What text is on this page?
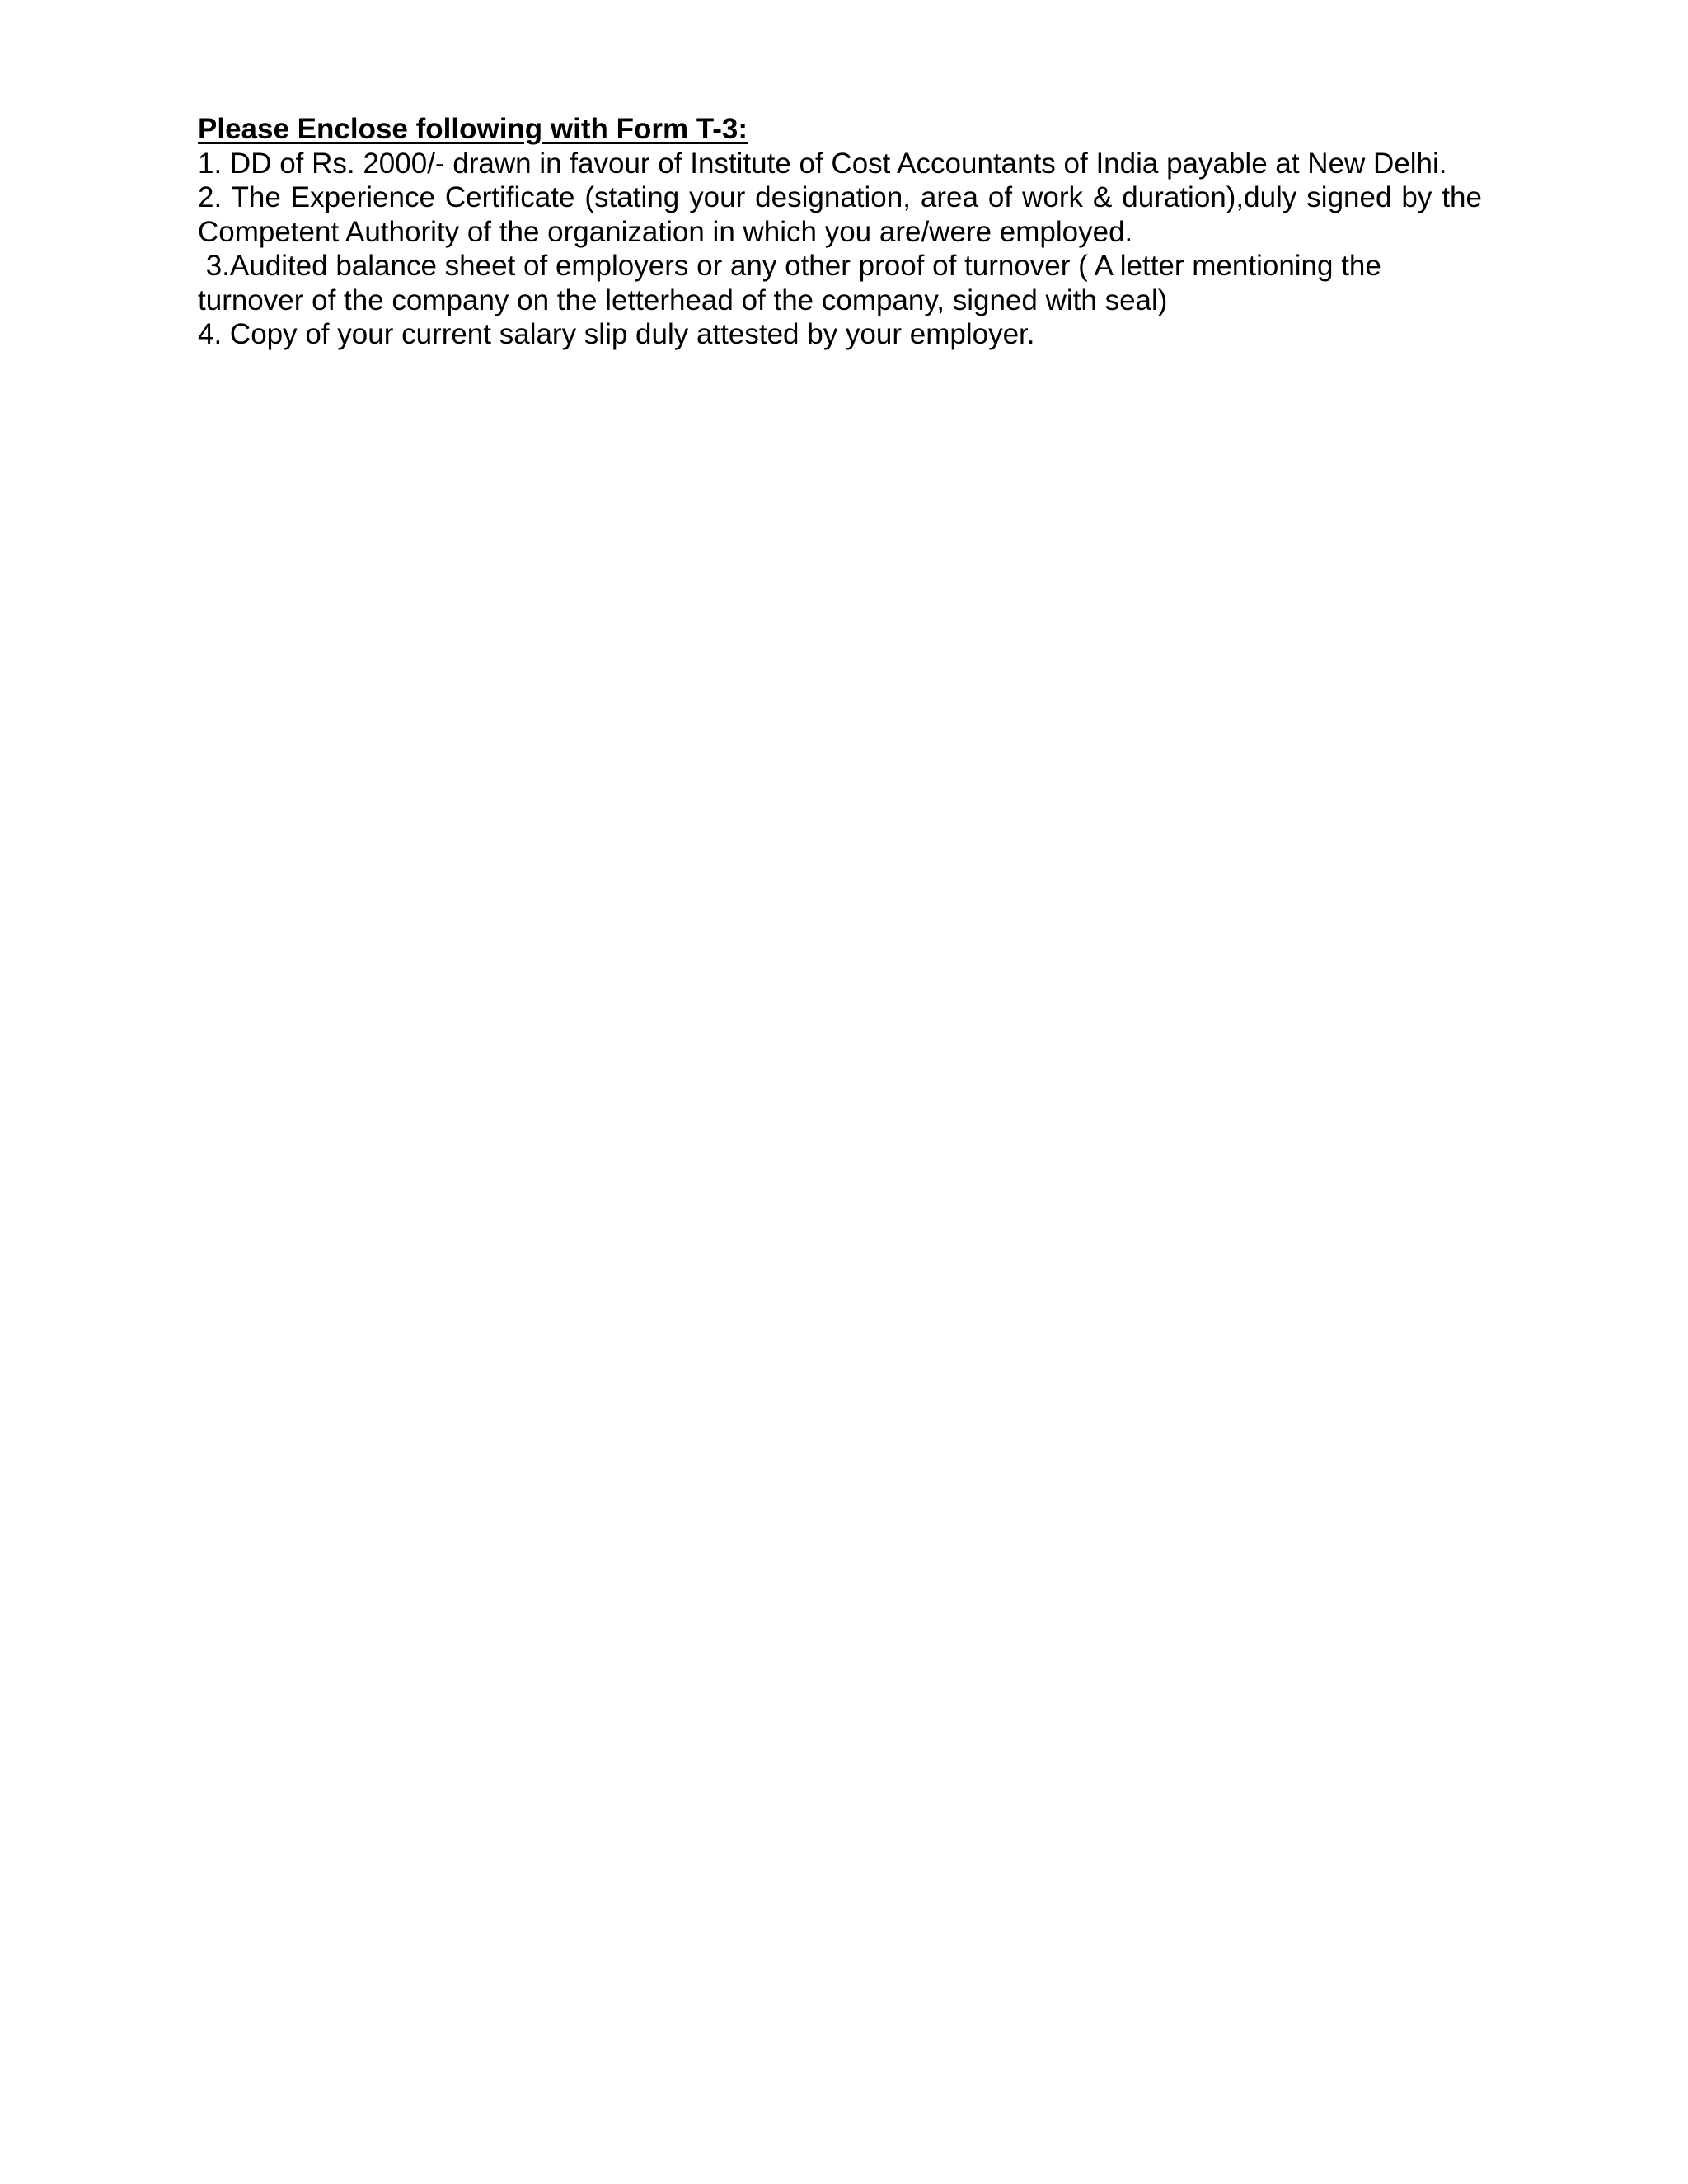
Please Enclose following with Form T-3:

1. DD of Rs. 2000/- drawn in favour of Institute of Cost Accountants of India payable at New Delhi.

2. The Experience Certificate (stating your designation, area of work & duration),duly signed by the Competent Authority of the organization in which you are/were employed.

3.Audited balance sheet of employers or any other proof of turnover ( A letter mentioning the turnover of the company on the letterhead of the company, signed with seal)

4. Copy of your current salary slip duly attested by your employer.
